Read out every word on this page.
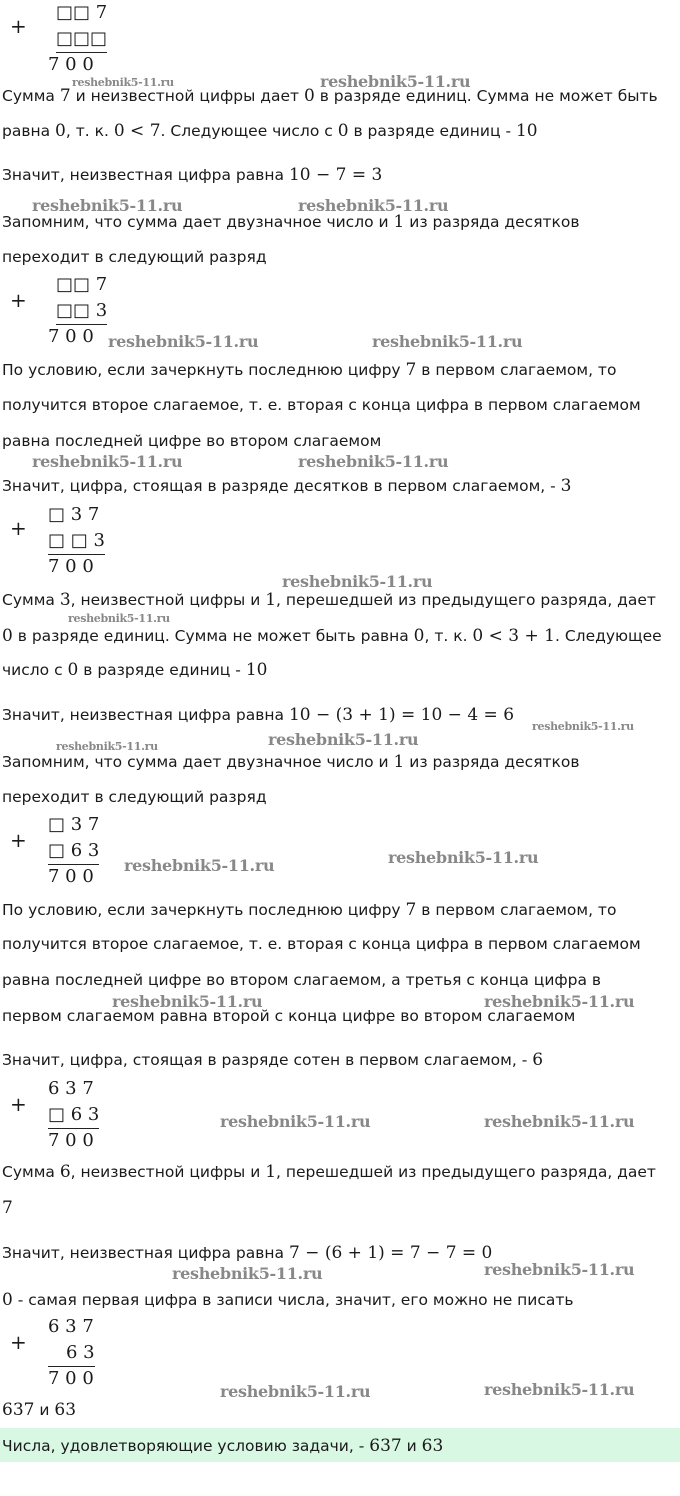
+
□□ 7
□□□
7 0 0
reshebnik5-11.ru	reshebnik5-11.ru
Сумма 7 и неизвестной цифры дает 0 в разряде единиц. Сумма не может быть
равна 0, т. к. 0 < 7. Следующее число с 0 в разряде единиц - 10
Значит, неизвестная цифра равна 10 − 7 = 3
reshebnik5-11.ru	reshebnik5-11.ru
Запомним, что сумма дает двузначное число и 1 из разряда десятков
переходит в следующий разряд
+
□□ 7
□□ 3
7 0 0 reshebnik5-11.ru	reshebnik5-11.ru
По условию, если зачеркнуть последнюю цифру 7 в первом слагаемом, то
получится второе слагаемое, т. е. вторая с конца цифра в первом слагаемом
равна последней цифре во втором слагаемом
reshebnik5-11.ru	reshebnik5-11.ru
Значит, цифра, стоящая в разряде десятков в первом слагаемом, - 3
+
□ 3 7
□ □ 3
7 0 0
reshebnik5-11.ru
Сумма 3, неизвестной цифры и 1, перешедшей из предыдущего разряда, дает
reshebnik5-11.ru
0 в разряде единиц. Сумма не может быть равна 0, т. к. 0 < 3 + 1. Следующее
число с 0 в разряде единиц - 10
Значит, неизвестная цифра равна 10 − (3 + 1) = 10 − 4 = 6
reshebnik5-11.ru
reshebnik5-11.ru	reshebnik5-11.ru
Запомним, что сумма дает двузначное число и 1 из разряда десятков
переходит в следующий разряд
+
□ 3 7
□ 6 3
7 0 0
reshebnik5-11.ru	reshebnik5-11.ru
По условию, если зачеркнуть последнюю цифру 7 в первом слагаемом, то
получится второе слагаемое, т. е. вторая с конца цифра в первом слагаемом
равна последней цифре во втором слагаемом, а третья с конца цифра в
reshebnik5-11.ru	reshebnik5-11.ru
первом слагаемом равна второй с конца цифре во втором слагаемом
Значит, цифра, стоящая в разряде сотен в первом слагаемом, - 6
+
6 3 7
□ 6 3
7 0 0
reshebnik5-11.ru	reshebnik5-11.ru
Сумма 6, неизвестной цифры и 1, перешедшей из предыдущего разряда, дает
7
Значит, неизвестная цифра равна 7 − (6 + 1) = 7 − 7 = 0
reshebnik5-11.ru	reshebnik5-11.ru
0 - самая первая цифра в записи числа, значит, его можно не писать
+
6 3 7
6 3
7 0 0
reshebnik5-11.ru	reshebnik5-11.ru
637 и 63
Числа, удовлетворяющие условию задачи, - 637 и 63
